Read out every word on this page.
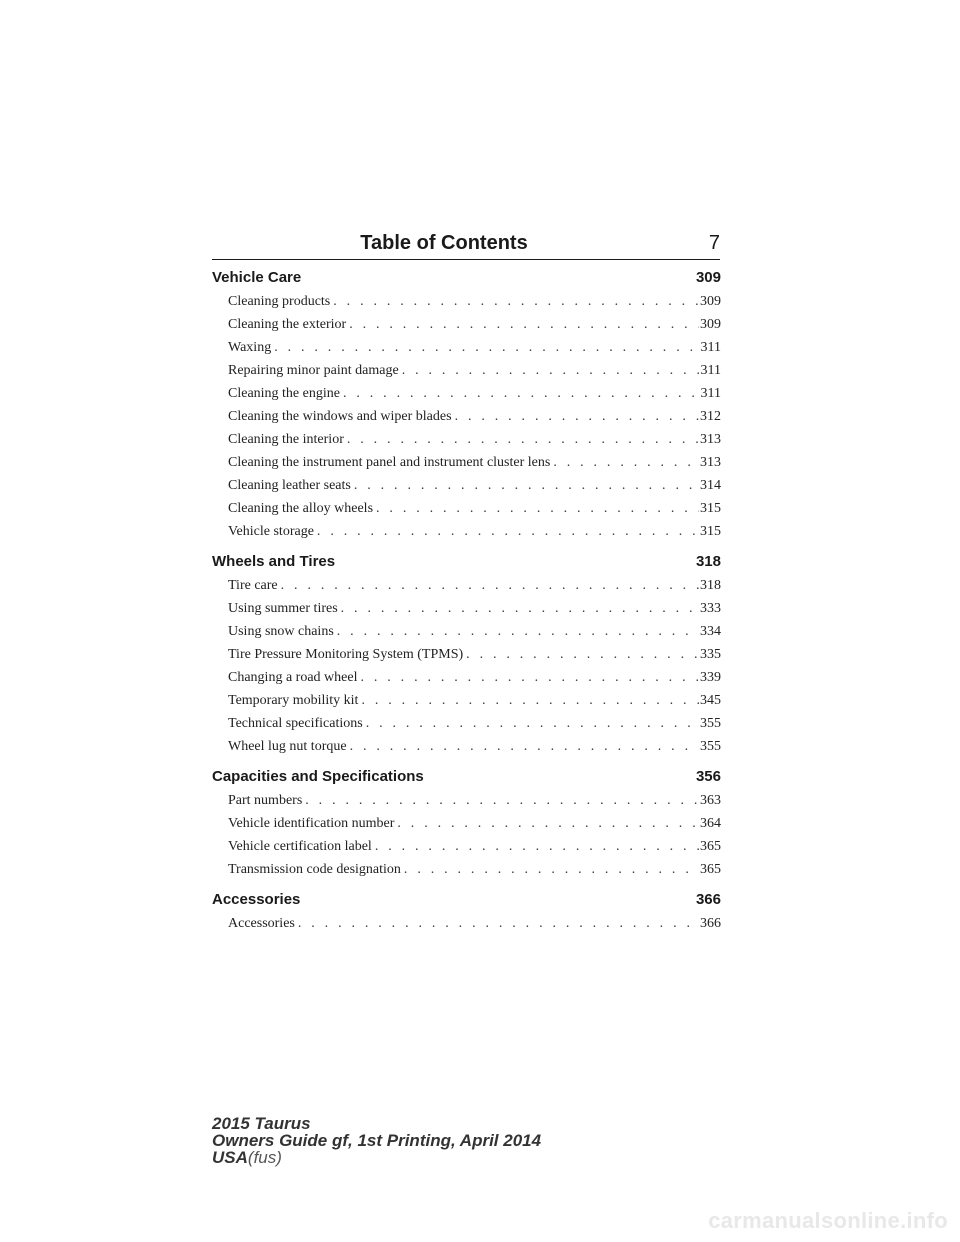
Table of Contents	7
Vehicle Care	309
Cleaning products . . .	309
Cleaning the exterior . . .	309
Waxing . . .	311
Repairing minor paint damage . . .	311
Cleaning the engine . . .	311
Cleaning the windows and wiper blades . . .	312
Cleaning the interior . . .	313
Cleaning the instrument panel and instrument cluster lens . . .	313
Cleaning leather seats . . .	314
Cleaning the alloy wheels . . .	315
Vehicle storage . . .	315
Wheels and Tires	318
Tire care . . .	318
Using summer tires . . .	333
Using snow chains . . .	334
Tire Pressure Monitoring System (TPMS) . . .	335
Changing a road wheel . . .	339
Temporary mobility kit . . .	345
Technical specifications . . .	355
Wheel lug nut torque . . .	355
Capacities and Specifications	356
Part numbers . . .	363
Vehicle identification number . . .	364
Vehicle certification label . . .	365
Transmission code designation . . .	365
Accessories	366
Accessories . . .	366
2015 Taurus
Owners Guide gf, 1st Printing, April 2014
USA(fus)
carmanualsonline.info
